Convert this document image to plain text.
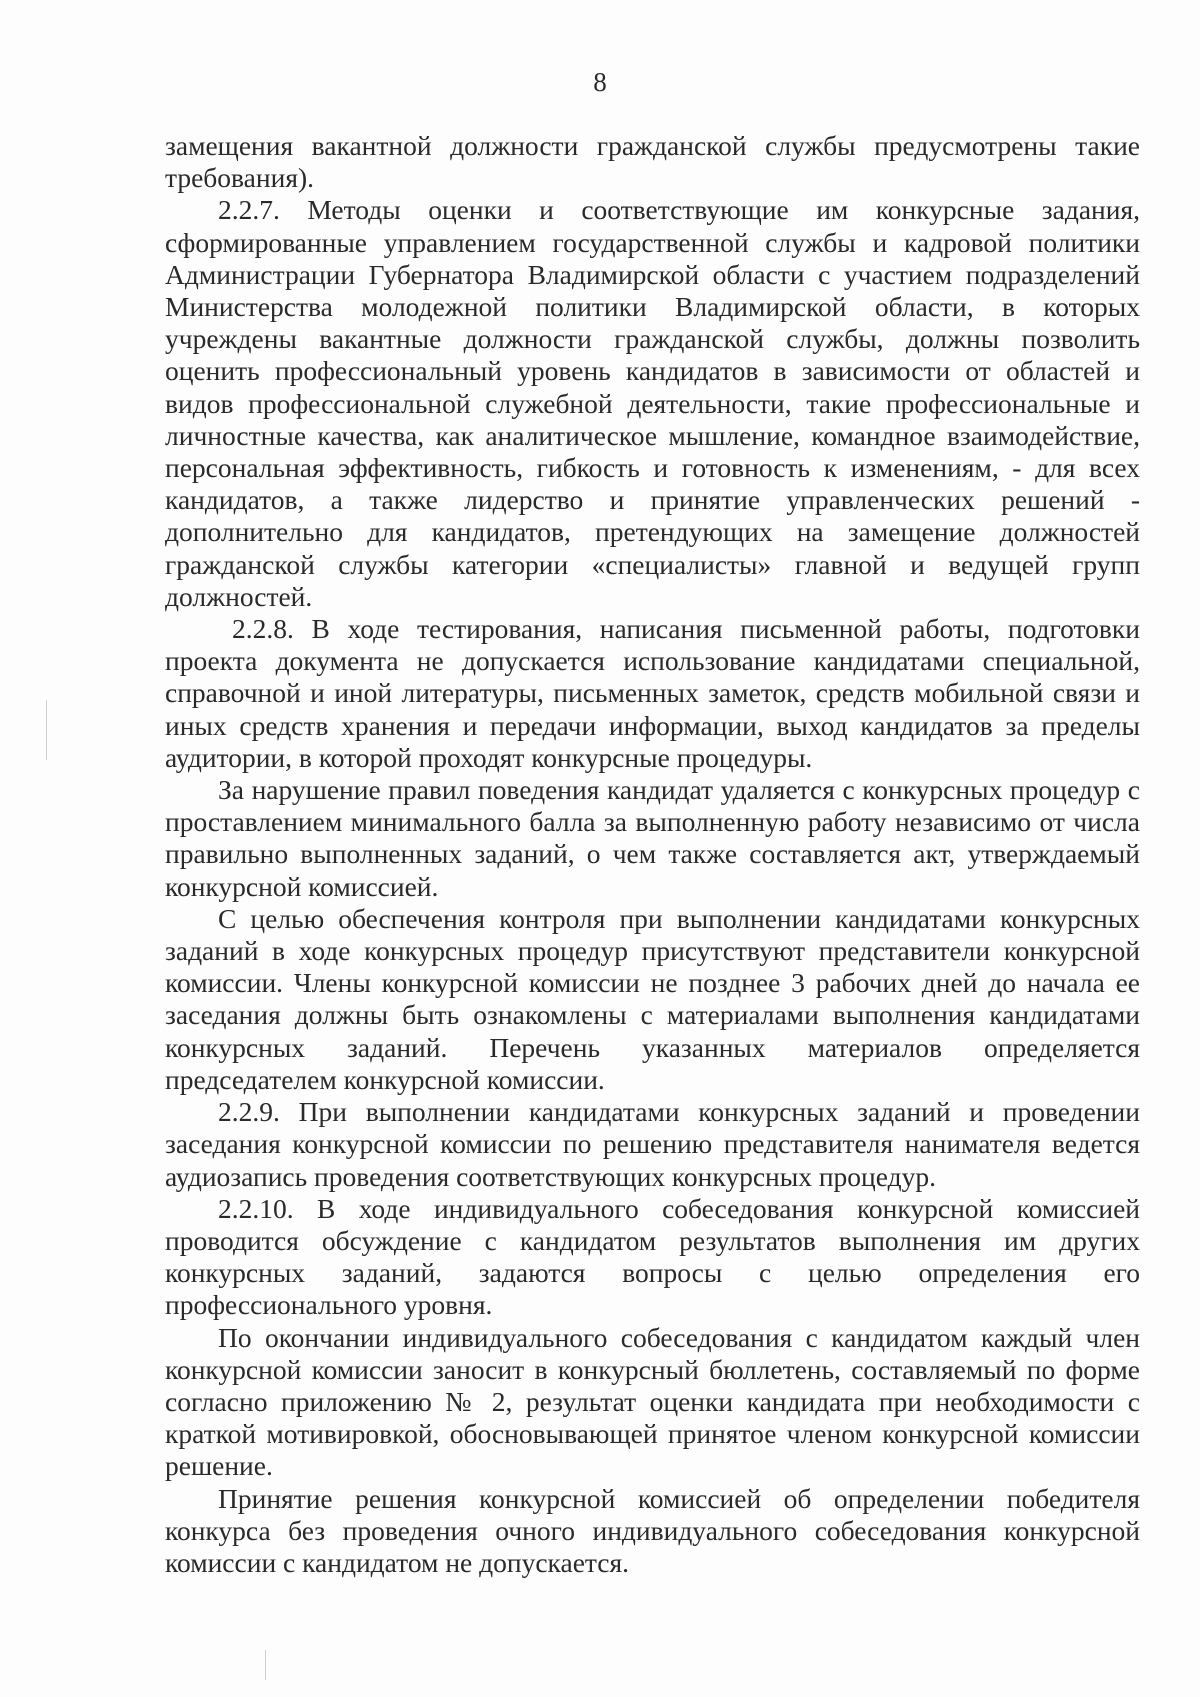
8

замещения вакантной должности гражданской службы предусмотрены такие требования).

2.2.7. Методы оценки и соответствующие им конкурсные задания, сформированные управлением государственной службы и кадровой политики Администрации Губернатора Владимирской области с участием подразделений Министерства молодежной политики Владимирской области, в которых учреждены вакантные должности гражданской службы, должны позволить оценить профессиональный уровень кандидатов в зависимости от областей и видов профессиональной служебной деятельности, такие профессиональные и личностные качества, как аналитическое мышление, командное взаимодействие, персональная эффективность, гибкость и готовность к изменениям, - для всех кандидатов, а также лидерство и принятие управленческих решений - дополнительно для кандидатов, претендующих на замещение должностей гражданской службы категории «специалисты» главной и ведущей групп должностей.

2.2.8. В ходе тестирования, написания письменной работы, подготовки проекта документа не допускается использование кандидатами специальной, справочной и иной литературы, письменных заметок, средств мобильной связи и иных средств хранения и передачи информации, выход кандидатов за пределы аудитории, в которой проходят конкурсные процедуры.

За нарушение правил поведения кандидат удаляется с конкурсных процедур с проставлением минимального балла за выполненную работу независимо от числа правильно выполненных заданий, о чем также составляется акт, утверждаемый конкурсной комиссией.

С целью обеспечения контроля при выполнении кандидатами конкурсных заданий в ходе конкурсных процедур присутствуют представители конкурсной комиссии. Члены конкурсной комиссии не позднее 3 рабочих дней до начала ее заседания должны быть ознакомлены с материалами выполнения кандидатами конкурсных заданий. Перечень указанных материалов определяется председателем конкурсной комиссии.

2.2.9. При выполнении кандидатами конкурсных заданий и проведении заседания конкурсной комиссии по решению представителя нанимателя ведется аудиозапись проведения соответствующих конкурсных процедур.

2.2.10. В ходе индивидуального собеседования конкурсной комиссией проводится обсуждение с кандидатом результатов выполнения им других конкурсных заданий, задаются вопросы с целью определения его профессионального уровня.

По окончании индивидуального собеседования с кандидатом каждый член конкурсной комиссии заносит в конкурсный бюллетень, составляемый по форме согласно приложению № 2, результат оценки кандидата при необходимости с краткой мотивировкой, обосновывающей принятое членом конкурсной комиссии решение.

Принятие решения конкурсной комиссией об определении победителя конкурса без проведения очного индивидуального собеседования конкурсной комиссии с кандидатом не допускается.
